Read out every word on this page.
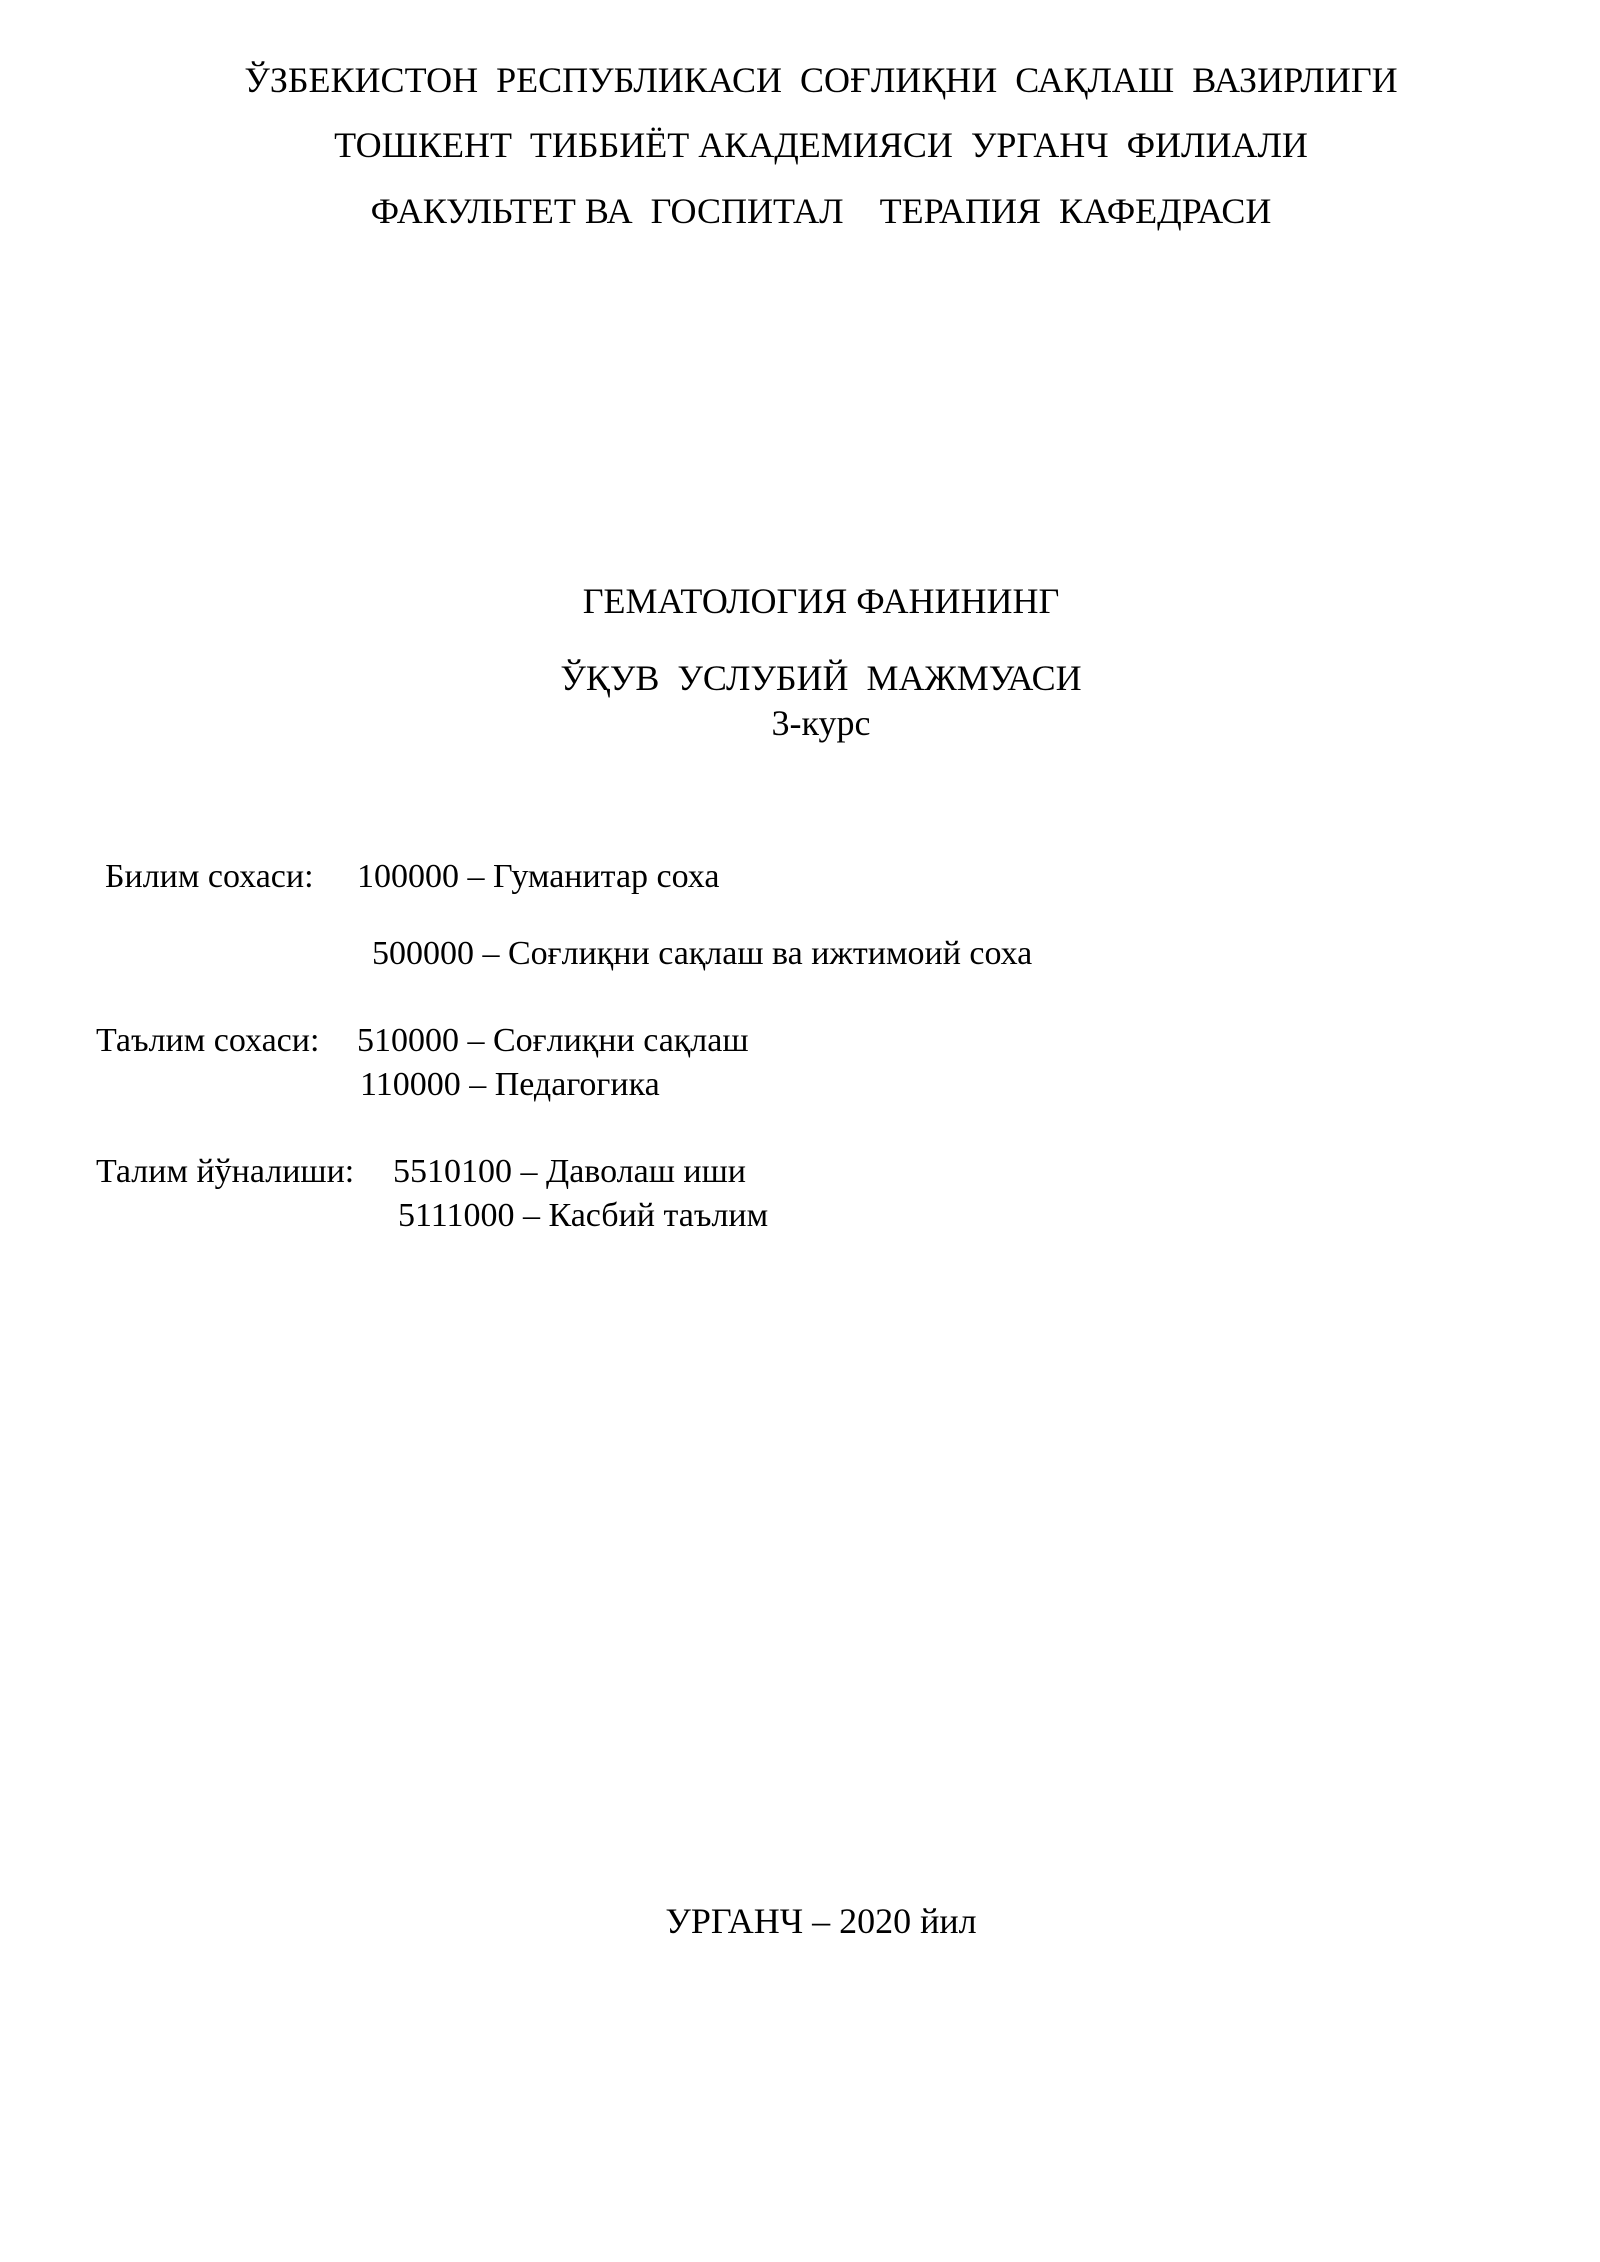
ЎЗБЕКИСТОН  РЕСПУБЛИКАСИ  СОҒЛИҚНИ  САҚЛАШ  ВАЗИРЛИГИ
ТОШКЕНТ  ТИББИЁТ АКАДЕМИЯСИ  УРГАНЧ  ФИЛИАЛИ
ФАКУЛЬТЕТ ВА  ГОСПИТАЛ    ТЕРАПИЯ  КАФЕДРАСИ
ГЕМАТОЛОГИЯ ФАНИНИНГ
ЎҚУВ  УСЛУБИЙ  МАЖМУАСИ
3-курс
Билим сохаси: 100000 – Гуманитар соха
500000 – Соғлиқни сақлаш ва ижтимоий соха
Таълим сохаси: 510000 – Соғлиқни сақлаш
110000 – Педагогика
Талим йўналиши: 5510100 – Даволаш иши
5111000 – Касбий таълим
УРГАНЧ – 2020 йил
